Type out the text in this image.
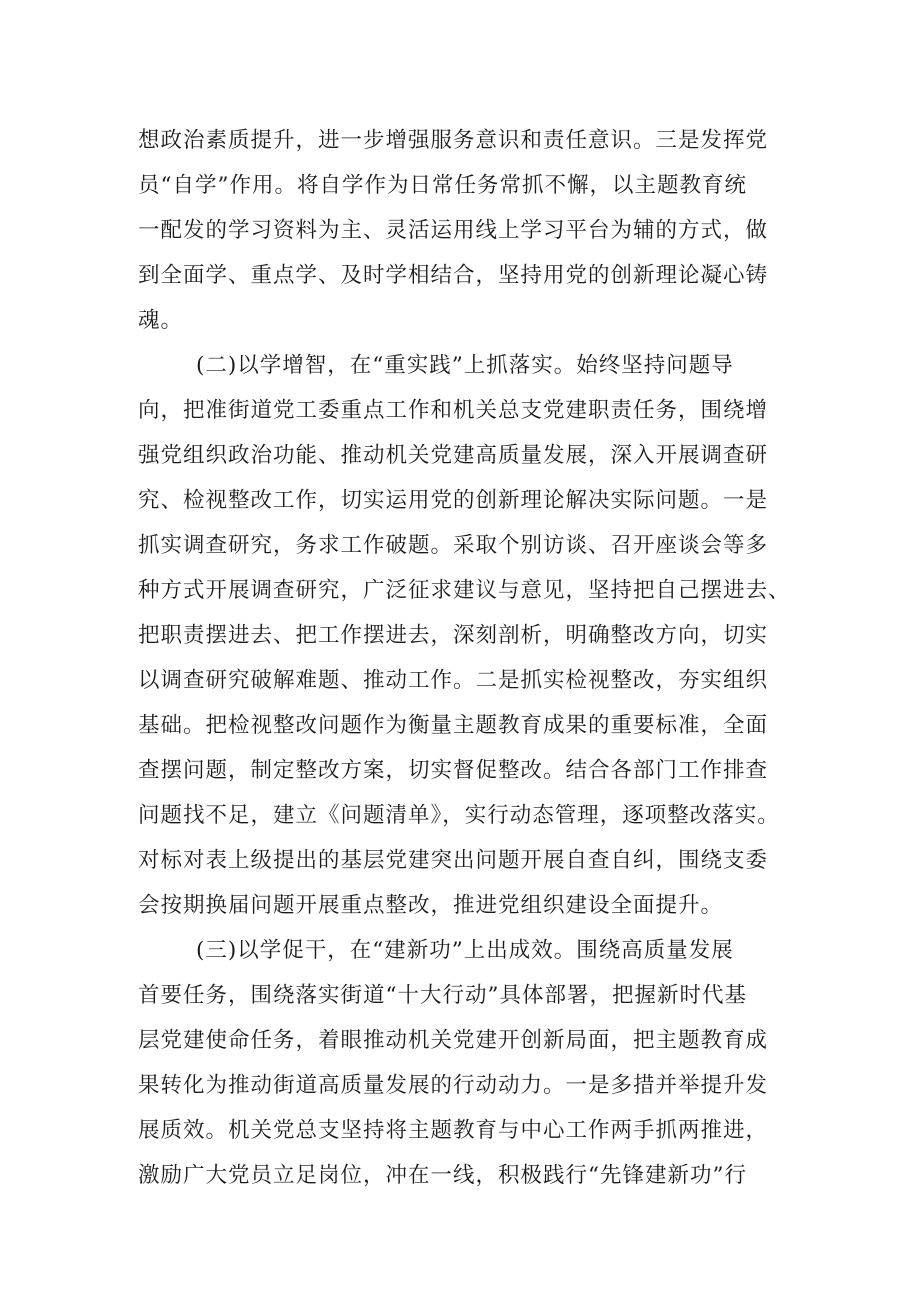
想政治素质提升，进一步增强服务意识和责任意识。三是发挥党
员“自学”作用。将自学作为日常任务常抓不懈，以主题教育统
一配发的学习资料为主、灵活运用线上学习平台为辅的方式，做
到全面学、重点学、及时学相结合，坚持用党的创新理论凝心铸
魂。
(二)以学增智，在“重实践”上抓落实。始终坚持问题导
向，把准街道党工委重点工作和机关总支党建职责任务，围绕增
强党组织政治功能、推动机关党建高质量发展，深入开展调查研
究、检视整改工作，切实运用党的创新理论解决实际问题。一是
抓实调查研究，务求工作破题。采取个别访谈、召开座谈会等多
种方式开展调查研究，广泛征求建议与意见，坚持把自己摆进去、
把职责摆进去、把工作摆进去，深刻剖析，明确整改方向，切实
以调查研究破解难题、推动工作。二是抓实检视整改，夯实组织
基础。把检视整改问题作为衡量主题教育成果的重要标准，全面
查摆问题，制定整改方案，切实督促整改。结合各部门工作排查
问题找不足，建立《问题清单》，实行动态管理，逐项整改落实。
对标对表上级提出的基层党建突出问题开展自查自纠，围绕支委
会按期换届问题开展重点整改，推进党组织建设全面提升。
(三)以学促干，在“建新功”上出成效。围绕高质量发展
首要任务，围绕落实街道“十大行动”具体部署，把握新时代基
层党建使命任务，着眼推动机关党建开创新局面，把主题教育成
果转化为推动街道高质量发展的行动动力。一是多措并举提升发
展质效。机关党总支坚持将主题教育与中心工作两手抓两推进，
激励广大党员立足岗位，冲在一线，积极践行“先锋建新功”行
